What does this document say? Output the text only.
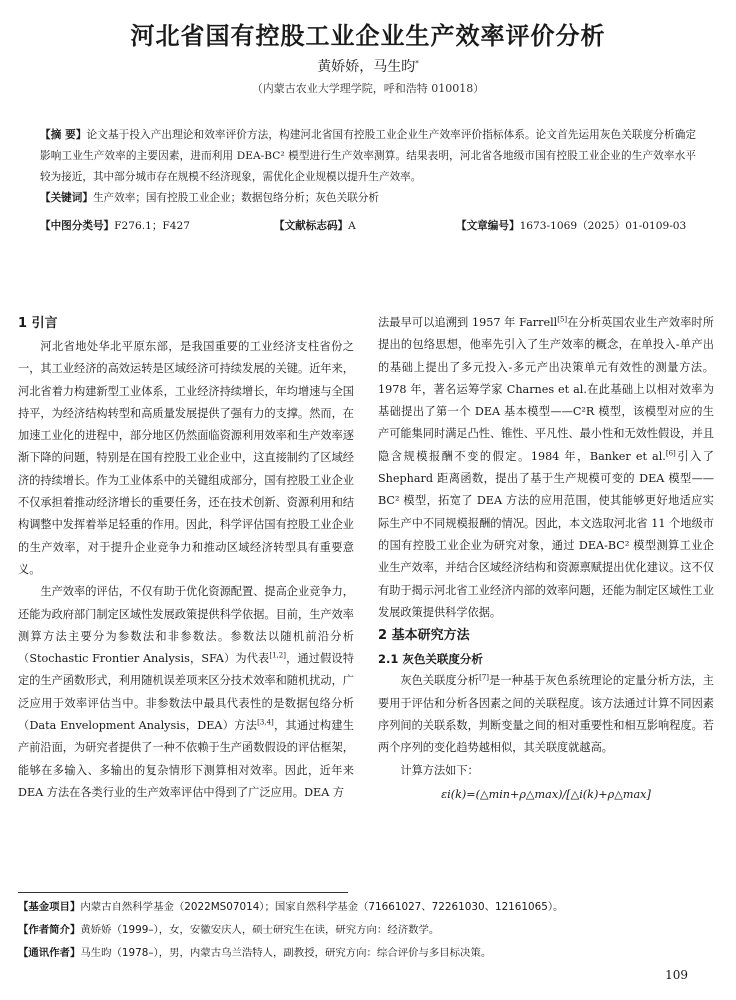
河北省国有控股工业企业生产效率评价分析
黄娇娇，马生昀*
（内蒙古农业大学理学院，呼和浩特 010018）
【摘 要】论文基于投入产出理论和效率评价方法，构建河北省国有控股工业企业生产效率评价指标体系。论文首先运用灰色关联度分析确定影响工业生产效率的主要因素，进而利用 DEA-BC² 模型进行生产效率测算。结果表明，河北省各地级市国有控股工业企业的生产效率水平较为接近，其中部分城市存在规模不经济现象，需优化企业规模以提升生产效率。
【关键词】生产效率；国有控股工业企业；数据包络分析；灰色关联分析
【中图分类号】F276.1；F427	【文献标志码】A	【文章编号】1673-1069（2025）01-0109-03
1 引言

河北省地处华北平原东部，是我国重要的工业经济支柱省份之一，其工业经济的高效运转是区域经济可持续发展的关键。近年来，河北省着力构建新型工业体系，工业经济持续增长，年均增速与全国持平，为经济结构转型和高质量发展提供了强有力的支撑。然而，在加速工业化的进程中，部分地区仍然面临资源利用效率和生产效率逐渐下降的问题，特别是在国有控股工业企业中，这直接制约了区域经济的持续增长。作为工业体系中的关键组成部分，国有控股工业企业不仅承担着推动经济增长的重要任务，还在技术创新、资源利用和结构调整中发挥着举足轻重的作用。因此，科学评估国有控股工业企业的生产效率，对于提升企业竞争力和推动区域经济转型具有重要意义。

生产效率的评估，不仅有助于优化资源配置、提高企业竞争力，还能为政府部门制定区域性发展政策提供科学依据。目前，生产效率测算方法主要分为参数法和非参数法。参数法以随机前沿分析（Stochastic Frontier Analysis，SFA）为代表[1,2]，通过假设特定的生产函数形式，利用随机误差项来区分技术效率和随机扰动，广泛应用于效率评估当中。非参数法中最具代表性的是数据包络分析（Data Envelopment Analysis，DEA）方法[3,4]，其通过构建生产前沿面，为研究者提供了一种不依赖于生产函数假设的评估框架，能够在多输入、多输出的复杂情形下测算相对效率。因此，近年来 DEA 方法在各类行业的生产效率评估中得到了广泛应用。DEA 方

法最早可以追溯到 1957 年 Farrell[5]在分析英国农业生产效率时所提出的包络思想，他率先引入了生产效率的概念，在单投入-单产出的基础上提出了多元投入-多元产出决策单元有效性的测量方法。1978 年，著名运筹学家 Charnes et al.在此基础上以相对效率为基础提出了第一个 DEA 基本模型——C²R 模型，该模型对应的生产可能集同时满足凸性、锥性、平凡性、最小性和无效性假设，并且隐含规模报酬不变的假定。1984 年，Banker et al.[6]引入了 Shephard 距离函数，提出了基于生产规模可变的 DEA 模型——BC² 模型，拓宽了 DEA 方法的应用范围，使其能够更好地适应实际生产中不同规模报酬的情况。因此，本文选取河北省 11 个地级市的国有控股工业企业为研究对象，通过 DEA-BC² 模型测算工业企业生产效率，并结合区域经济结构和资源禀赋提出优化建议。这不仅有助于揭示河北省工业经济内部的效率问题，还能为制定区域性工业发展政策提供科学依据。

2 基本研究方法
2.1 灰色关联度分析

灰色关联度分析[7]是一种基于灰色系统理论的定量分析方法，主要用于评估和分析各因素之间的关联程度。该方法通过计算不同因素序列间的关联系数，判断变量之间的相对重要性和相互影响程度。若两个序列的变化趋势越相似，其关联度就越高。

计算方法如下：

εi(k)=(△min+ρ△max)/[△i(k)+ρ△max]
【基金项目】内蒙古自然科学基金（2022MS07014）；国家自然科学基金（71661027、72261030、12161065）。
【作者简介】黄娇娇（1999–），女，安徽安庆人，硕士研究生在读，研究方向：经济数学。
【通讯作者】马生昀（1978–），男，内蒙古乌兰浩特人，副教授，研究方向：综合评价与多目标决策。
109
